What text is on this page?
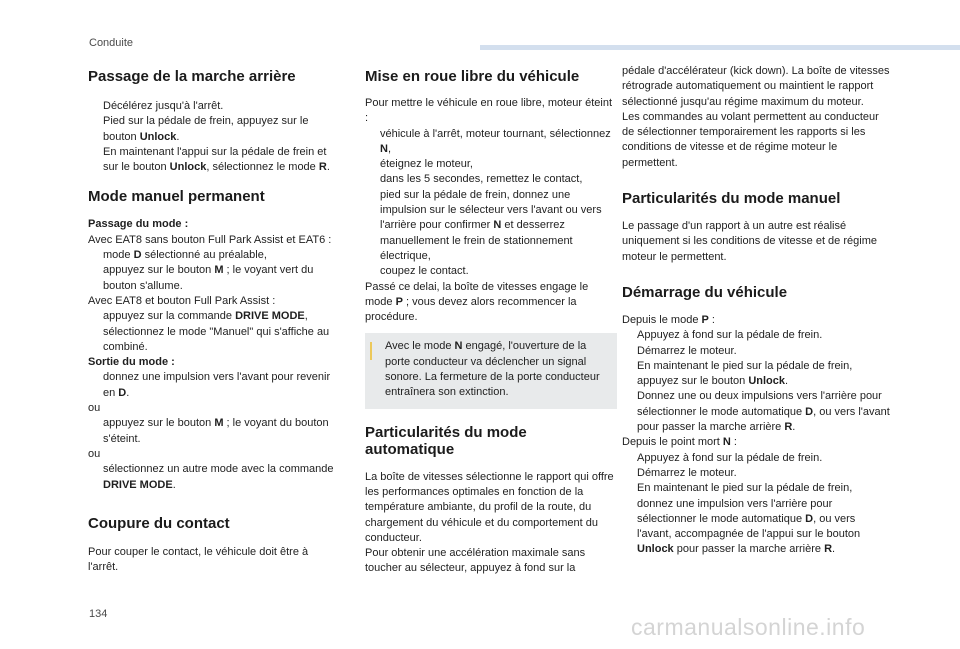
Conduite
Passage de la marche arrière
Décélérez jusqu'à l'arrêt.
Pied sur la pédale de frein, appuyez sur le bouton Unlock.
En maintenant l'appui sur la pédale de frein et sur le bouton Unlock, sélectionnez le mode R.
Mode manuel permanent

Passage du mode :

Avec EAT8 sans bouton Full Park Assist et EAT6 :

mode D sélectionné au préalable,
appuyez sur le bouton M ; le voyant vert du bouton s'allume.

Avec EAT8 et bouton Full Park Assist :

appuyez sur la commande DRIVE MODE,
sélectionnez le mode "Manuel" qui s'affiche au combiné.

Sortie du mode :

donnez une impulsion vers l'avant pour revenir en D.

ou

appuyez sur le bouton M ; le voyant du bouton s'éteint.

ou

sélectionnez un autre mode avec la commande DRIVE MODE.
Coupure du contact

Pour couper le contact, le véhicule doit être à l'arrêt.

Mise en roue libre du véhicule

Pour mettre le véhicule en roue libre, moteur éteint :

véhicule à l'arrêt, moteur tournant, sélectionnez N,
éteignez le moteur,
dans les 5 secondes, remettez le contact,
pied sur la pédale de frein, donnez une impulsion sur le sélecteur vers l'avant ou vers l'arrière pour confirmer N et desserrez manuellement le frein de stationnement électrique,
coupez le contact.

Passé ce delai, la boîte de vitesses engage le mode P ; vous devez alors recommencer la procédure.

Avec le mode N engagé, l'ouverture de la porte conducteur va déclencher un signal sonore. La fermeture de la porte conducteur entraînera son extinction.

Particularités du mode automatique

La boîte de vitesses sélectionne le rapport qui offre les performances optimales en fonction de la température ambiante, du profil de la route, du chargement du véhicule et du comportement du conducteur.

Pour obtenir une accélération maximale sans toucher au sélecteur, appuyez à fond sur la

pédale d'accélérateur (kick down). La boîte de vitesses rétrograde automatiquement ou maintient le rapport sélectionné jusqu'au régime maximum du moteur.

Les commandes au volant permettent au conducteur de sélectionner temporairement les rapports si les conditions de vitesse et de régime moteur le permettent.

Particularités du mode manuel

Le passage d'un rapport à un autre est réalisé uniquement si les conditions de vitesse et de régime moteur le permettent.

Démarrage du véhicule

Depuis le mode P :

Appuyez à fond sur la pédale de frein.
Démarrez le moteur.
En maintenant le pied sur la pédale de frein, appuyez sur le bouton Unlock.
Donnez une ou deux impulsions vers l'arrière pour sélectionner le mode automatique D, ou vers l'avant pour passer la marche arrière R.

Depuis le point mort N :

Appuyez à fond sur la pédale de frein.
Démarrez le moteur.
En maintenant le pied sur la pédale de frein, donnez une impulsion vers l'arrière pour sélectionner le mode automatique D, ou vers l'avant, accompagnée de l'appui sur le bouton Unlock pour passer la marche arrière R.
134	carmanualsonline.info
